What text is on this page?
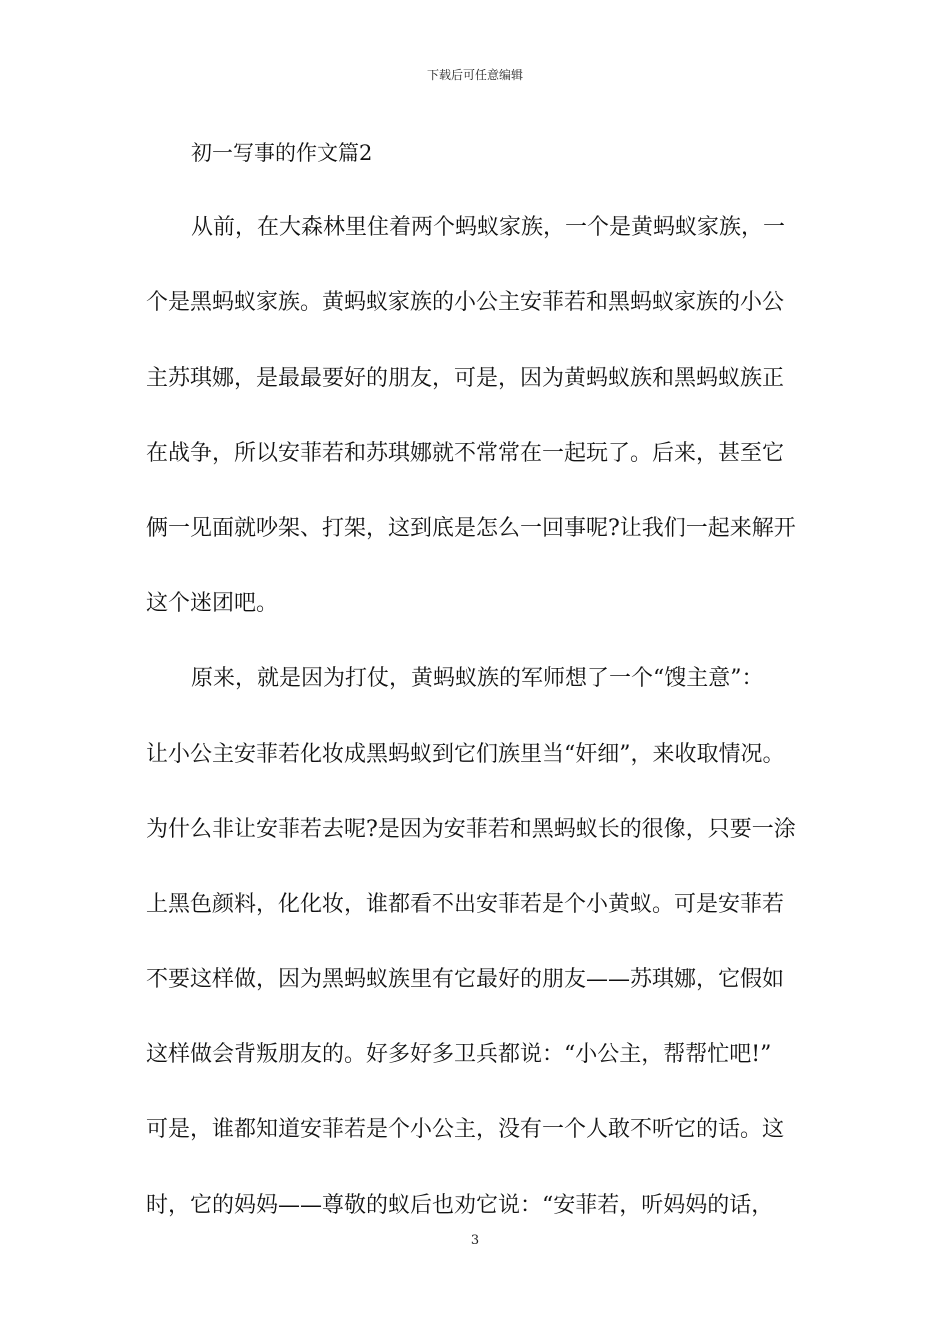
下载后可任意编辑
初一写事的作文篇2
从前，在大森林里住着两个蚂蚁家族，一个是黄蚂蚁家族，一
个是黑蚂蚁家族。黄蚂蚁家族的小公主安菲若和黑蚂蚁家族的小公
主苏琪娜，是最最要好的朋友，可是，因为黄蚂蚁族和黑蚂蚁族正
在战争，所以安菲若和苏琪娜就不常常在一起玩了。后来，甚至它
俩一见面就吵架、打架，这到底是怎么一回事呢?让我们一起来解开
这个迷团吧。
原来，就是因为打仗，黄蚂蚁族的军师想了一个“馊主意”：
让小公主安菲若化妆成黑蚂蚁到它们族里当“奸细”，来收取情况。
为什么非让安菲若去呢?是因为安菲若和黑蚂蚁长的很像，只要一涂
上黑色颜料，化化妆，谁都看不出安菲若是个小黄蚁。可是安菲若
不要这样做，因为黑蚂蚁族里有它最好的朋友——苏琪娜，它假如
这样做会背叛朋友的。好多好多卫兵都说：“小公主，帮帮忙吧!”
可是，谁都知道安菲若是个小公主，没有一个人敢不听它的话。这
时，它的妈妈——尊敬的蚁后也劝它说：“安菲若，听妈妈的话，
3
